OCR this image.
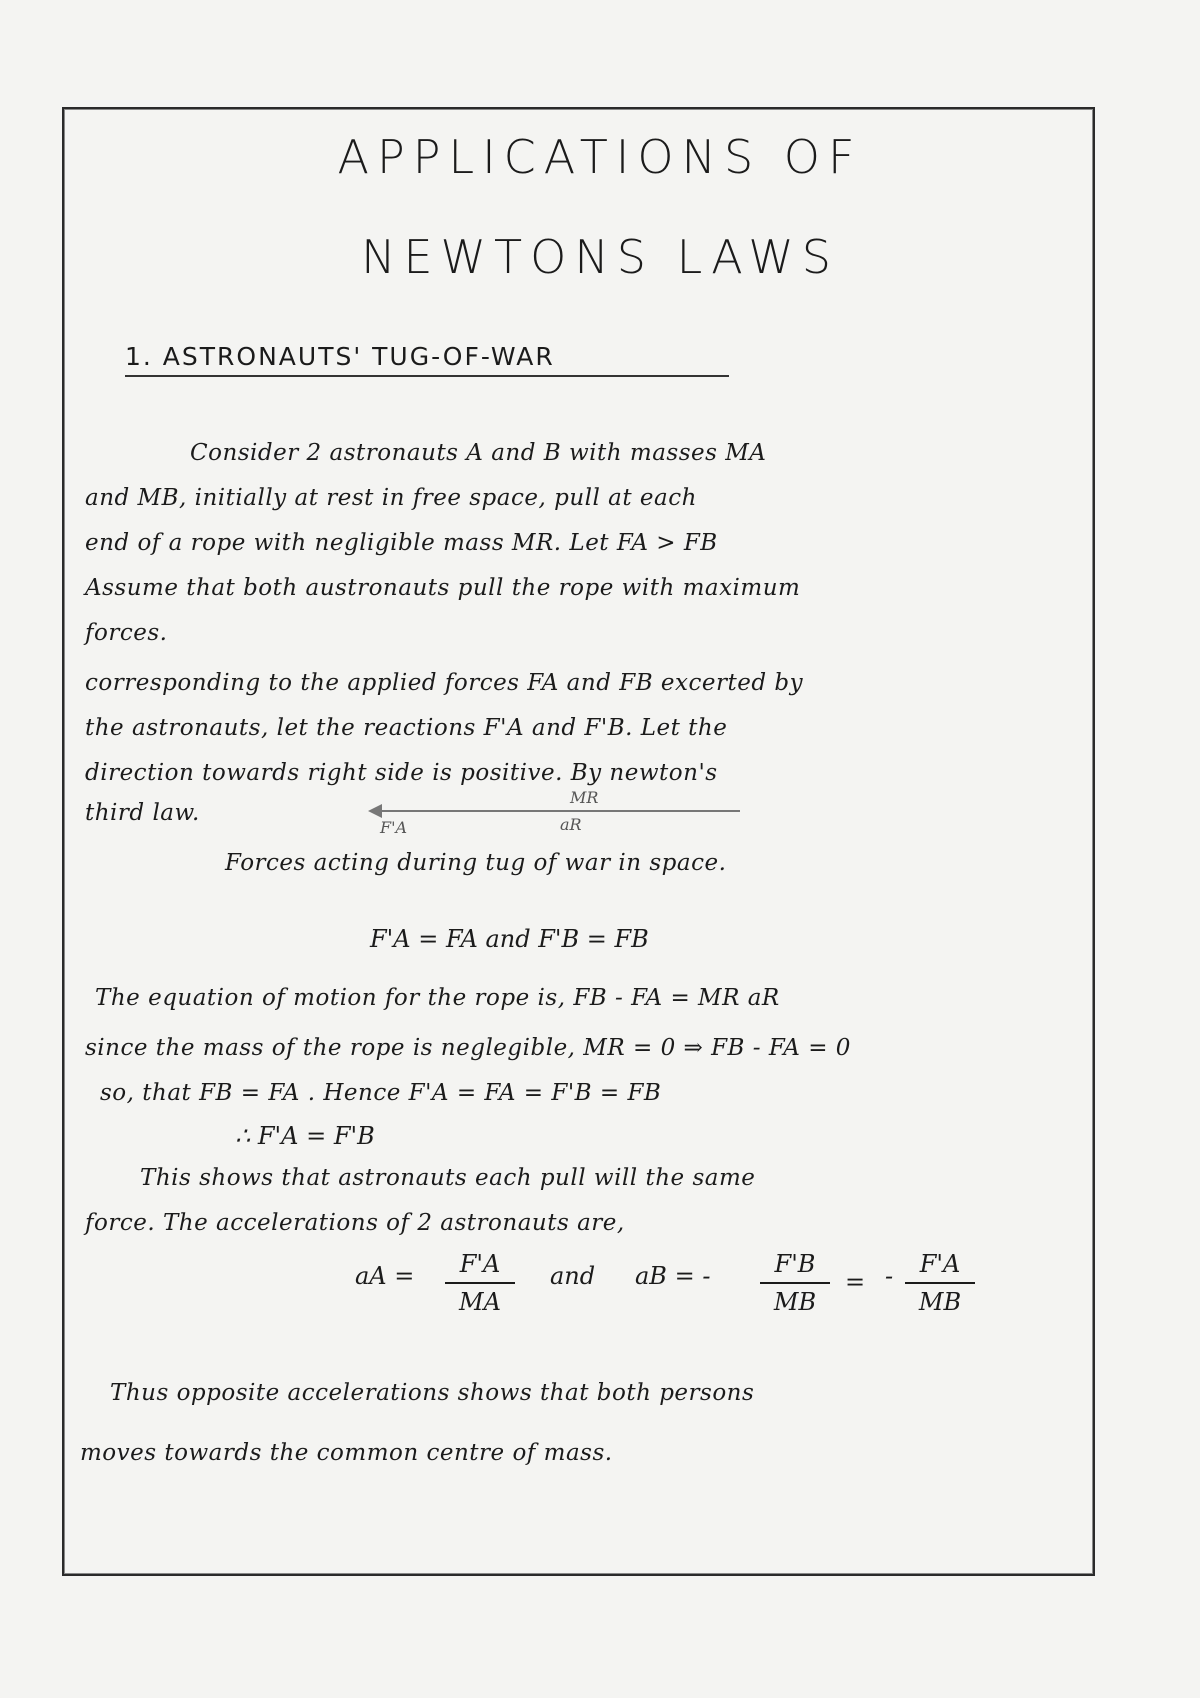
APPLICATIONS OF
NEWTONS LAWS
1. ASTRONAUTS' TUG-OF-WAR
Consider 2 astronauts A and B with masses MA
and MB, initially at rest in free space, pull at each
end of a rope with negligible mass MR. Let FA > FB
Assume that both austronauts pull the rope with maximum
forces.
corresponding to the applied forces FA and FB excerted by
the astronauts, let the reactions F'A and F'B. Let the
direction towards right side is positive. By newton's
third law.
F'A
MR
aR
Forces acting during tug of war in space.
F'A = FA and F'B = FB
The equation of motion for the rope is, FB - FA = MR aR
since the mass of the rope is neglegible, MR = 0 ⇒ FB - FA = 0
so, that FB = FA . Hence F'A = FA = F'B = FB
∴ F'A = F'B
This shows that astronauts each pull will the same
force. The accelerations of 2 astronauts are,
aA =	F'A
MA
and aB = -	F'B
MB
= -	F'A
MB
Thus opposite accelerations shows that both persons
moves towards the common centre of mass.
